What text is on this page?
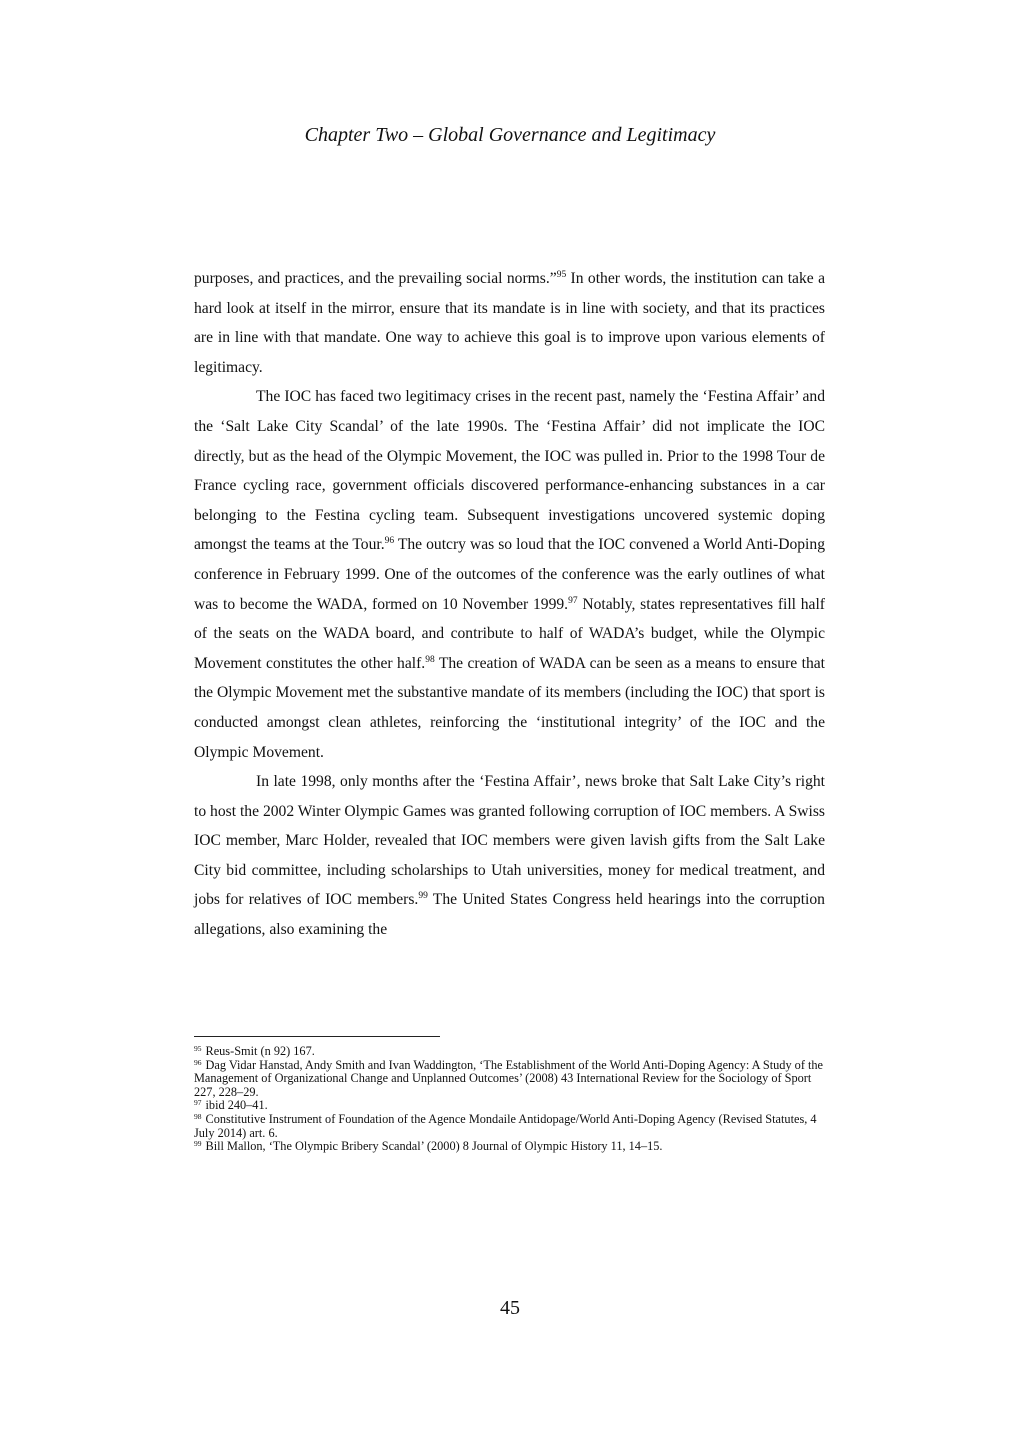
Chapter Two – Global Governance and Legitimacy

purposes, and practices, and the prevailing social norms.”$^{95}$ In other words, the institution can take a hard look at itself in the mirror, ensure that its mandate is in line with society, and that its practices are in line with that mandate. One way to achieve this goal is to improve upon various elements of legitimacy.

The IOC has faced two legitimacy crises in the recent past, namely the ‘Festina Affair’ and the ‘Salt Lake City Scandal’ of the late 1990s. The ‘Festina Affair’ did not implicate the IOC directly, but as the head of the Olympic Movement, the IOC was pulled in. Prior to the 1998 Tour de France cycling race, government officials discovered performance-enhancing substances in a car belonging to the Festina cycling team. Subsequent investigations uncovered systemic doping amongst the teams at the Tour.$^{96}$ The outcry was so loud that the IOC convened a World Anti-Doping conference in February 1999. One of the outcomes of the conference was the early outlines of what was to become the WADA, formed on 10 November 1999.97 Notably, states representatives fill half of the seats on the WADA board, and contribute to half of WADA’s budget, while the Olympic Movement constitutes the other half.$^{98}$ The creation of WADA can be seen as a means to ensure that the Olympic Movement met the substantive mandate of its members (including the IOC) that sport is conducted amongst clean athletes, reinforcing the ‘institutional integrity’ of the IOC and the Olympic Movement.

In late 1998, only months after the ‘Festina Affair’, news broke that Salt Lake City’s right to host the 2002 Winter Olympic Games was granted following corruption of IOC members. A Swiss IOC member, Marc Holder, revealed that IOC members were given lavish gifts from the Salt Lake City bid committee, including scholarships to Utah universities, money for medical treatment, and jobs for relatives of IOC members.$^{99}$ The United States Congress held hearings into the corruption allegations, also examining the

$^{95}$ Reus-Smit (n 92) 167.

$^{96}$ Dag Vidar Hanstad, Andy Smith and Ivan Waddington, ‘The Establishment of the World Anti-Doping Agency: A Study of the Management of Organizational Change and Unplanned Outcomes’ (2008) 43 International Review for the Sociology of Sport 227, 228–29.

$^{97}$ ibid 240–41.

$^{98}$ Constitutive Instrument of Foundation of the Agence Mondaile Antidopage/World Anti-Doping Agency (Revised Statutes, 4 July 2014) art. 6.

$^{99}$ Bill Mallon, ‘The Olympic Bribery Scandal’ (2000) 8 Journal of Olympic History 11, 14–15.

45
